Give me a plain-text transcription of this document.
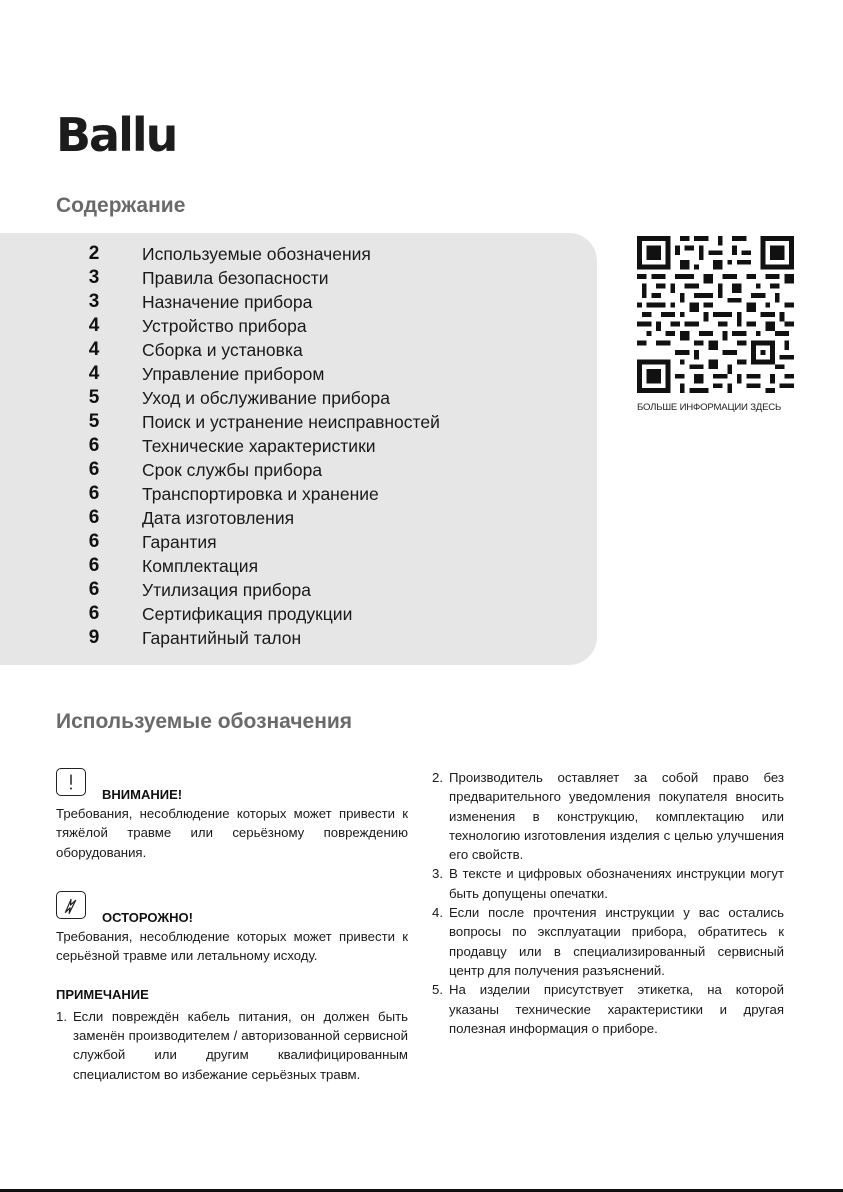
Ballu
Содержание
2 Используемые обозначения
3 Правила безопасности
3 Назначение прибора
4 Устройство прибора
4 Сборка и установка
4 Управление прибором
5 Уход и обслуживание прибора
5 Поиск и устранение неисправностей
6 Технические характеристики
6 Срок службы прибора
6 Транспортировка и хранение
6 Дата изготовления
6 Гарантия
6 Комплектация
6 Утилизация прибора
6 Сертификация продукции
9 Гарантийный талон
БОЛЬШЕ ИНФОРМАЦИИ ЗДЕСЬ
Используемые обозначения
ВНИМАНИЕ!

Требования, несоблюдение которых может привести к тяжёлой травме или серьёзному повреждению оборудования.

ОСТОРОЖНО!

Требования, несоблюдение которых может привести к серьёзной травме или летальному исходу.

ПРИМЕЧАНИЕ

1. Если повреждён кабель питания, он должен быть заменён производителем / авторизованной сервисной службой или другим квалифицированным специалистом во избежание серьёзных травм.
2. Производитель оставляет за собой право без предварительного уведомления покупателя вносить изменения в конструкцию, комплектацию или технологию изготовления изделия с целью улучшения его свойств.
3. В тексте и цифровых обозначениях инструкции могут быть допущены опечатки.
4. Если после прочтения инструкции у вас остались вопросы по эксплуатации прибора, обратитесь к продавцу или в специализированный сервисный центр для получения разъяснений.
5. На изделии присутствует этикетка, на которой указаны технические характеристики и другая полезная информация о приборе.
